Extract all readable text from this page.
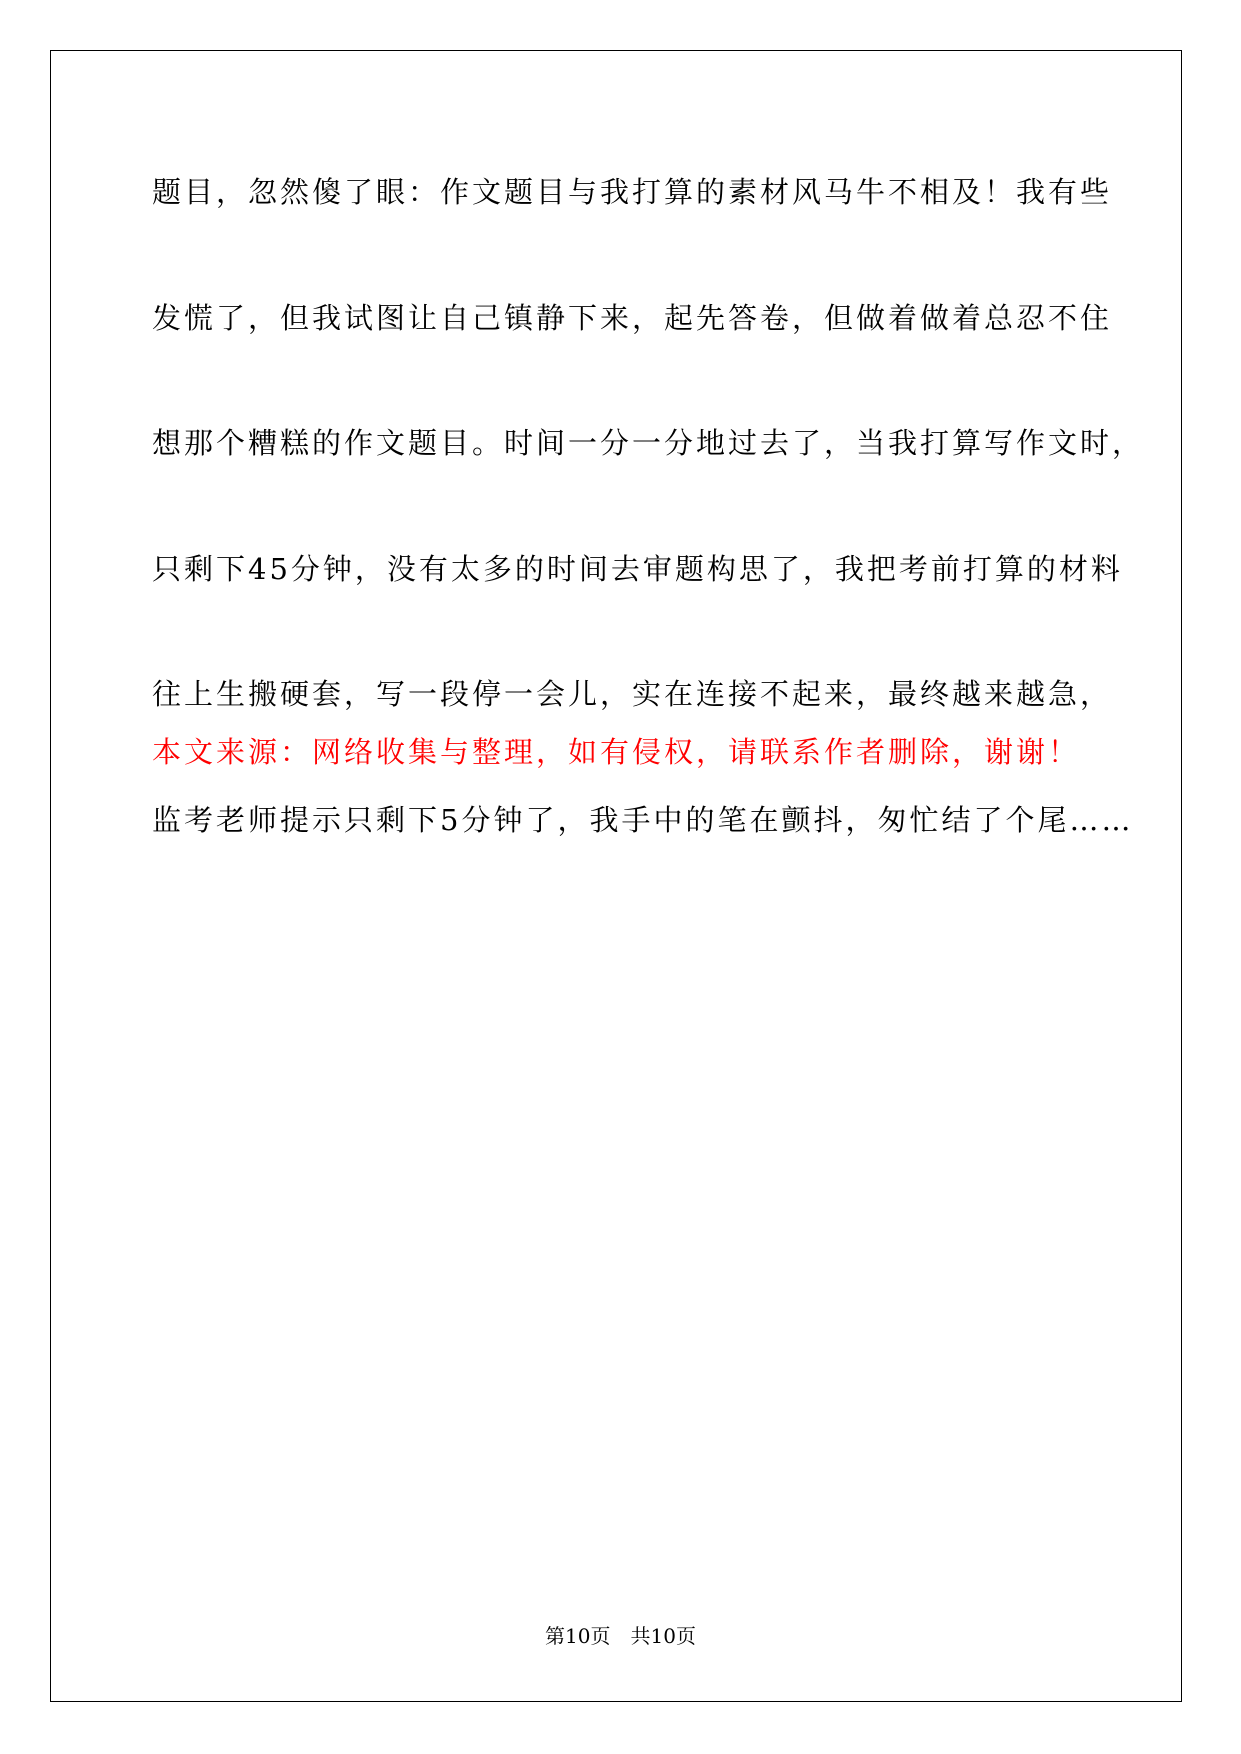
题目，忽然傻了眼：作文题目与我打算的素材风马牛不相及！我有些
发慌了，但我试图让自己镇静下来，起先答卷，但做着做着总忍不住
想那个糟糕的作文题目。时间一分一分地过去了，当我打算写作文时，
只剩下45分钟，没有太多的时间去审题构思了，我把考前打算的材料
往上生搬硬套，写一段停一会儿，实在连接不起来，最终越来越急，
监考老师提示只剩下5分钟了，我手中的笔在颤抖，匆忙结了个尾……
本文来源：网络收集与整理，如有侵权，请联系作者删除，谢谢！
第10页 共10页
